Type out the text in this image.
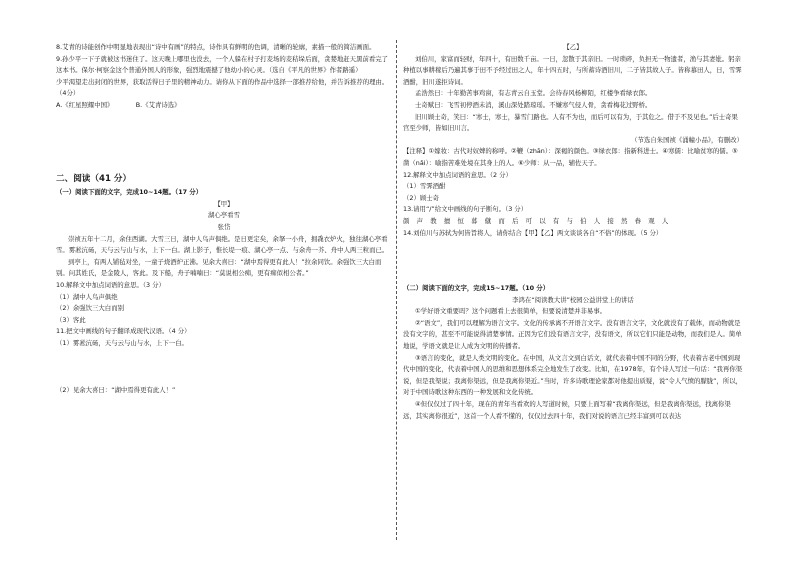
8.艾青的诗能创作中明显地表现出“诗中有画”的特点，诗作具有鲜明的色调，清晰的轮廓，素描一般的简洁画面。

9.孙少平一下子就被这书迷住了。这天晚上哪里也没去，一个人躲在村子打麦场的麦秸垛后面，贪婪地赶天黑前看完了这本书。保尔·柯察金这个普通外国人的形象，强烈地震撼了他幼小的心灵。（选自《平凡的世界》作者路遥）

少平渴望走出封闭的世界，获取活得日子里的精神动力。请你从下面的作品中选择一部推荐给他，并告诉推荐的理由。（4分）

A.《红星照耀中国》　　　　B.《艾青诗选》

二、阅读（41 分）

（一）阅读下面的文字，完成10~14题。（17 分）

【甲】

湖心亭看雪

张岱

崇祯五年十二月，余住西湖。大雪三日，湖中人鸟声俱绝。是日更定矣，余拏一小舟，拥毳衣炉火，独往湖心亭看雪。雾凇沆砀，天与云与山与水，上下一白。湖上影子，惟长堤一痕、湖心亭一点、与余舟一芥、舟中人两三粒而已。

到亭上，有两人铺毡对坐，一童子烧酒炉正沸。见余大喜曰：“湖中焉得更有此人！”拉余同饮。余强饮三大白而别。问其姓氏，是金陵人，客此。及下船，舟子喃喃曰：“莫说相公痴，更有痴似相公者。”

10.解释文中加点词语的意思。（3 分）

（1）湖中人鸟声俱绝

（2）余强饮三大白而别

（3）客此

11.把文中画线的句子翻译成现代汉语。（4 分）

（1）雾凇沆砀，天与云与山与水，上下一白。

（2）见余大喜曰：“湖中焉得更有此人！”

【乙】

刘伯川，家富而轻财，年四十，有田数千亩。一日，忽散于其亲旧。一时琐碎，负担无一物遗者，渔与其妻妣。躬亲种植以事耕稼后乃遍其事于田不予经过田之人，年十四五时，与所蓄诗酒旧川，二子皆其故人子。皆称慕田人，日，雪霁酒酣，旧川遂拒诗词。

孟浩然曰：十年勤苦事鸡窗，有志青云自玉堂。会待春风杨柳陌，红楼争看绿衣郎。

士奇赋曰：飞雪初停酒未消，溪山深处踏琼瑶。不嫌寒气侵人骨，贪看梅花过野桥。

旧川顾士奇，笑曰：“寒士，寒士，暴雪门路也。人有不为也，而后可以有为，于其危之。借于不及见也。”后士奇果官至少师，皆如旧川言。

（节选自朱国祯《涌幢小品》，有删改）

【注释】①嫁妆：古代对奴婢的称呼。②鞭（zhān）：深褐的颜色。③绿衣郎：指新科进士。④寒儒：比喻贫寒的儒。⑤凿（nǎi）：喻指苦难处境在其身上的人。⑥少师：从一品，辅佐天子。

12.解释文中加点词语的意思。（2 分）

（1）雪霁酒酣

（2）顾士奇

13.请用“/”给文中画线的句子断句。（3 分）

颜 声 教 擅 恒 暮 僦 而 后 可 以 有 与 伯 人 接 然 眷 观 人

14.刘伯川与苏轼为何皆旨将人，请你结合【甲】【乙】两文谈谈各自“不俗”的体现。（5 分）

（二）阅读下面的文字，完成15~17题。（10 分）

李鸿在“阅读教大讲”校园公益讲堂上的讲话

①学好语文重要吗？这个问题看上去很简单，但要说清楚并非易事。

②“语文”，我们可以理解为语言文字。文化的传承离不开语言文字。没有语言文字，文化就没有了载体，而动物就是没有文字的，甚至不可能说得清楚事情。正因为它们没有语言文字，没有语文，所以它们只能是动物，而我们是人。简单地说，学语文就是让人成为文明的传播者。

③语言的变化，就是人类文明的变化。在中国，从文言文到白话文，就代表着中国不同的分野，代表着古老中国到现代中国的变化，代表着中国人的思维和思想体系完全地发生了改变。比如，在1978年，有个诗人写过一句话：“我再你渠说，但是我渠说；我离你渠远，但是我离你渠近。”当时，许多诗歌理论家都对他提出质疑，说“令人气愤的朦胧”，所以，对于中国诗歌这种东西的一种发展和文化传统。

④但仅仅过了四十年，现在的青年当看欢的人写道时候，只要上面写着“我离你渠远，但是我离你渠远，找离你渠远，其实离你很近”，这首一个人看不懂的，仅仅过去四十年，我们对说的语言已经丰富到可以表达
